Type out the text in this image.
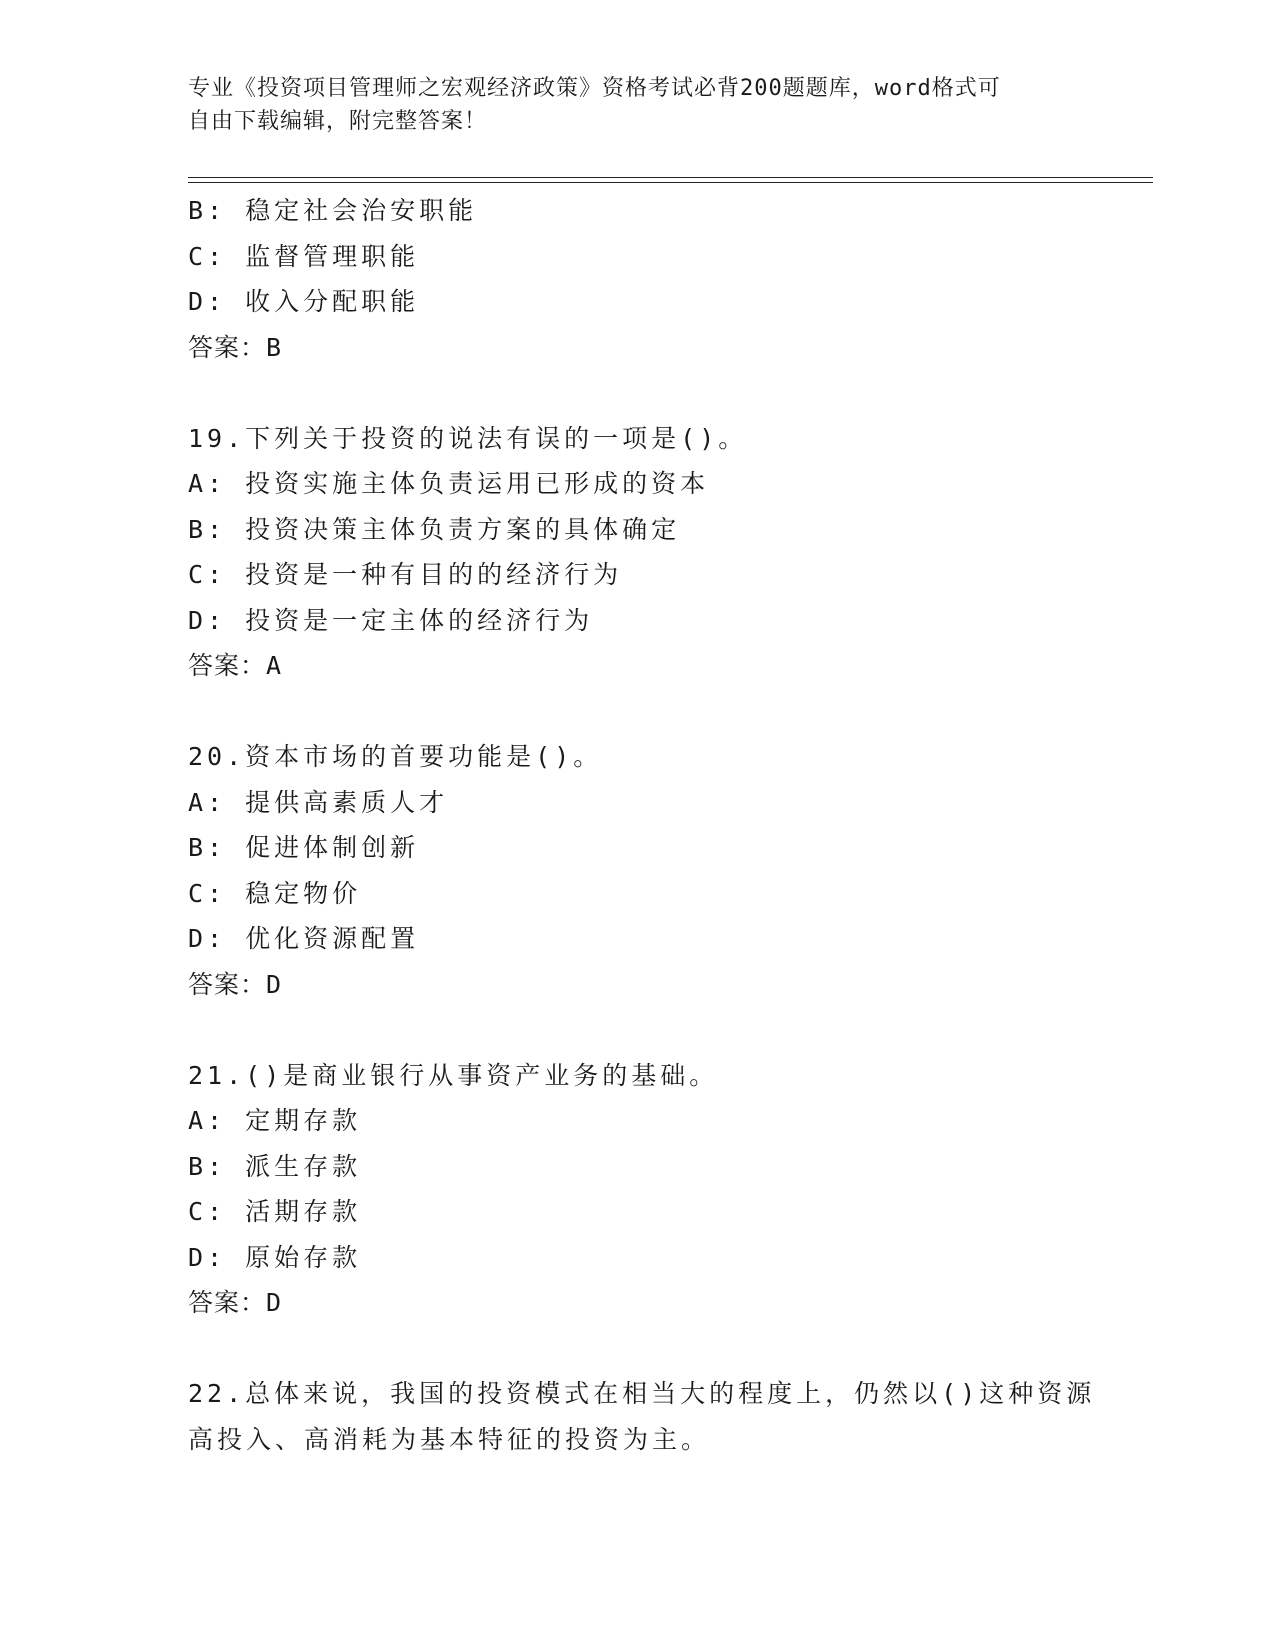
专业《投资项目管理师之宏观经济政策》资格考试必背200题题库，word格式可
自由下载编辑，附完整答案！
B: 稳定社会治安职能
C: 监督管理职能
D: 收入分配职能
答案：B
19.下列关于投资的说法有误的一项是()。
A: 投资实施主体负责运用已形成的资本
B: 投资决策主体负责方案的具体确定
C: 投资是一种有目的的经济行为
D: 投资是一定主体的经济行为
答案：A
20.资本市场的首要功能是()。
A: 提供高素质人才
B: 促进体制创新
C: 稳定物价
D: 优化资源配置
答案：D
21.()是商业银行从事资产业务的基础。
A: 定期存款
B: 派生存款
C: 活期存款
D: 原始存款
答案：D
22.总体来说，我国的投资模式在相当大的程度上，仍然以()这种资源
高投入、高消耗为基本特征的投资为主。
